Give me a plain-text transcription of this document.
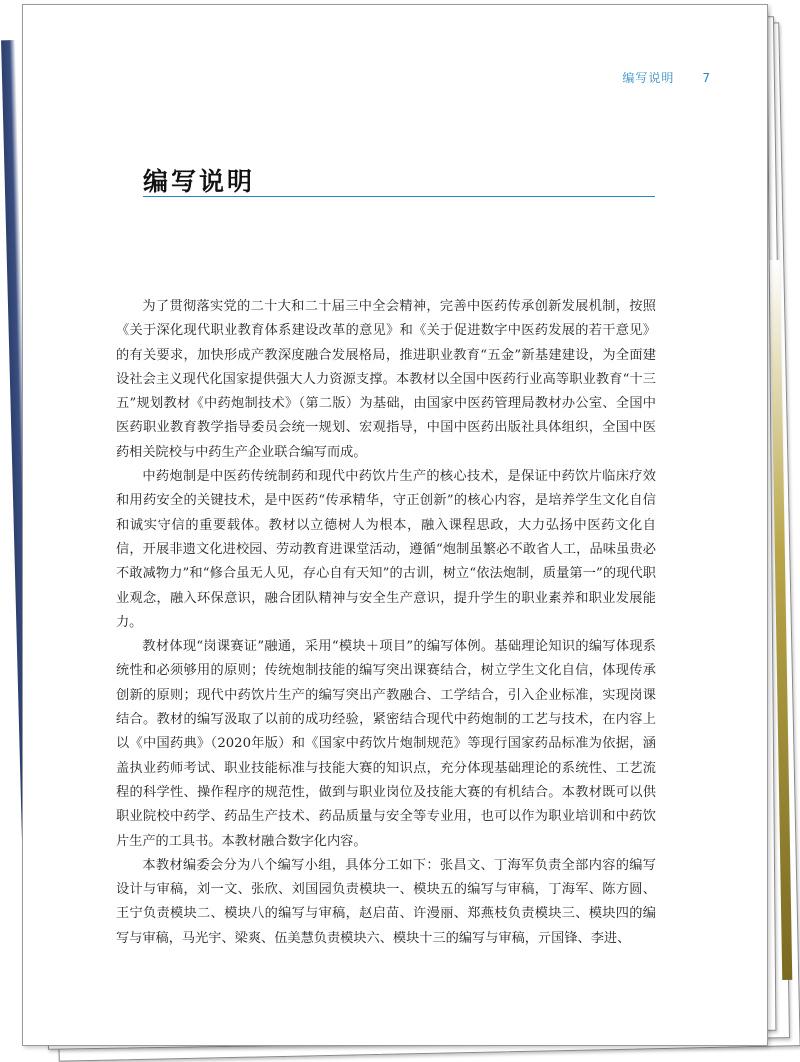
编写说明 7
编写说明

为了贯彻落实党的二十大和二十届三中全会精神，完善中医药传承创新发展机制，按照《关于深化现代职业教育体系建设改革的意见》和《关于促进数字中医药发展的若干意见》的有关要求，加快形成产教深度融合发展格局，推进职业教育“五金”新基建建设，为全面建设社会主义现代化国家提供强大人力资源支撑。本教材以全国中医药行业高等职业教育“十三五”规划教材《中药炮制技术》（第二版）为基础，由国家中医药管理局教材办公室、全国中医药职业教育教学指导委员会统一规划、宏观指导，中国中医药出版社具体组织，全国中医药相关院校与中药生产企业联合编写而成。

中药炮制是中医药传统制药和现代中药饮片生产的核心技术，是保证中药饮片临床疗效和用药安全的关键技术，是中医药“传承精华，守正创新”的核心内容，是培养学生文化自信和诚实守信的重要载体。教材以立德树人为根本，融入课程思政，大力弘扬中医药文化自信，开展非遗文化进校园、劳动教育进课堂活动，遵循“炮制虽繁必不敢省人工，品味虽贵必不敢减物力”和“修合虽无人见，存心自有天知”的古训，树立“依法炮制，质量第一”的现代职业观念，融入环保意识，融合团队精神与安全生产意识，提升学生的职业素养和职业发展能力。

教材体现“岗课赛证”融通，采用“模块＋项目”的编写体例。基础理论知识的编写体现系统性和必须够用的原则；传统炮制技能的编写突出课赛结合，树立学生文化自信，体现传承创新的原则；现代中药饮片生产的编写突出产教融合、工学结合，引入企业标准，实现岗课结合。教材的编写汲取了以前的成功经验，紧密结合现代中药炮制的工艺与技术，在内容上以《中国药典》（2020年版）和《国家中药饮片炮制规范》等现行国家药品标准为依据，涵盖执业药师考试、职业技能标准与技能大赛的知识点，充分体现基础理论的系统性、工艺流程的科学性、操作程序的规范性，做到与职业岗位及技能大赛的有机结合。本教材既可以供职业院校中药学、药品生产技术、药品质量与安全等专业用，也可以作为职业培训和中药饮片生产的工具书。本教材融合数字化内容。

本教材编委会分为八个编写小组，具体分工如下：张昌文、丁海军负责全部内容的编写设计与审稿，刘一文、张欣、刘国园负责模块一、模块五的编写与审稿，丁海军、陈方圆、王宁负责模块二、模块八的编写与审稿，赵启苗、许漫丽、郑燕枝负责模块三、模块四的编写与审稿，马光宇、梁爽、伍美慧负责模块六、模块十三的编写与审稿，亓国锋、李进、
